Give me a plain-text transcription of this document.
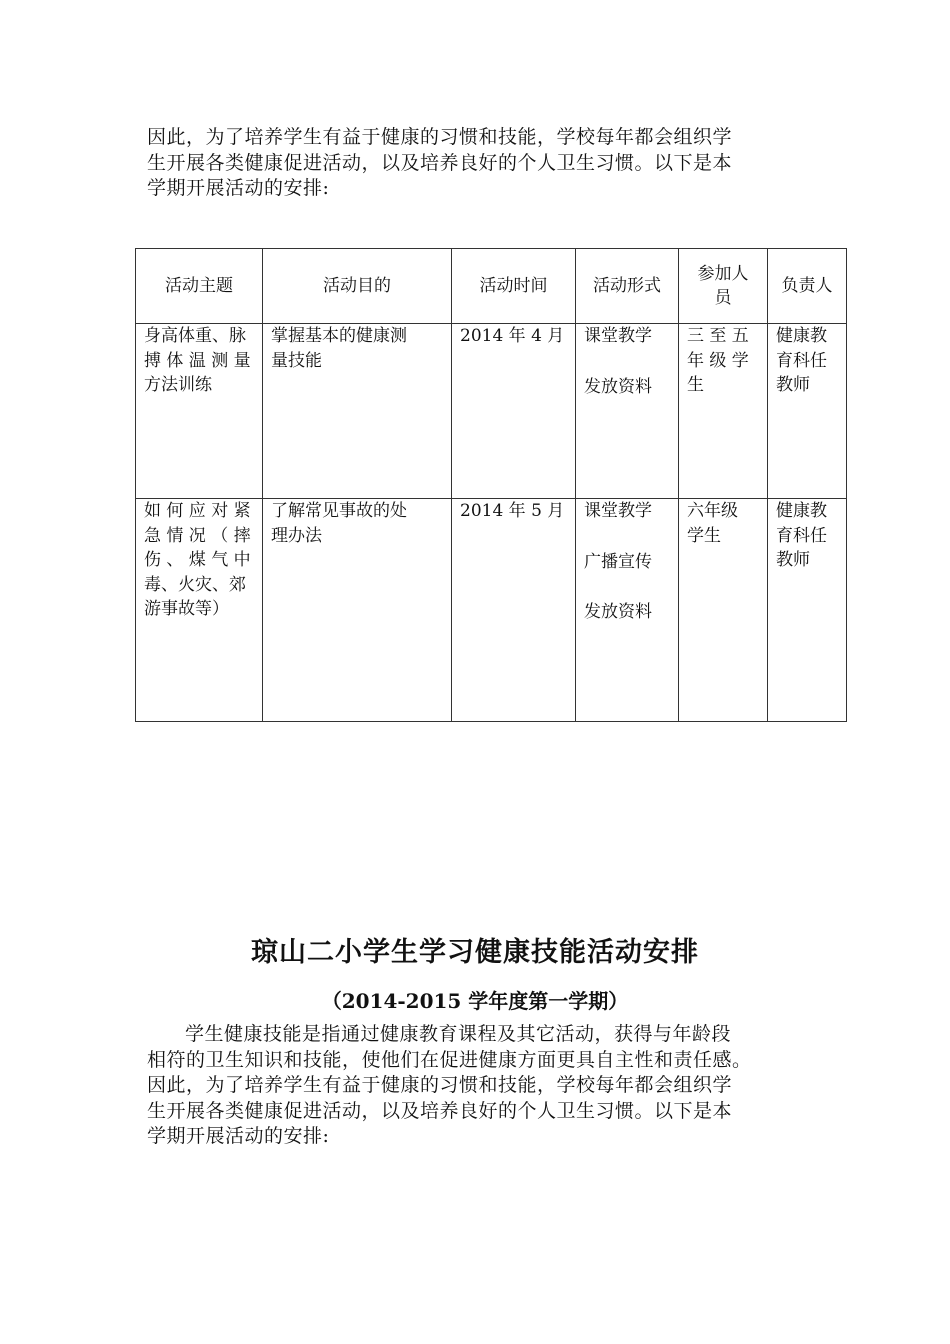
因此，为了培养学生有益于健康的习惯和技能，学校每年都会组织学

生开展各类健康促进活动，以及培养良好的个人卫生习惯。以下是本

学期开展活动的安排:

活动主题	活动目的	活动时间	活动形式	参加人
员	负责人

身高体重、脉
搏 体 温 测 量
方法训练	掌握基本的健康测
量技能	2014 年 4 月	课堂教学
发放资料	三 至 五
年 级 学
生	健康教
育科任
教师

如 何 应 对 紧
急 情 况 （ 摔
伤 、 煤 气 中
毒、火灾、郊
游事故等）	了解常见事故的处
理办法	2014 年 5 月	课堂教学
广播宣传
发放资料	六年级
学生	健康教
育科任
教师
琼山二小学生学习健康技能活动安排
（2014-2015 学年度第一学期）

学生健康技能是指通过健康教育课程及其它活动，获得与年龄段

相符的卫生知识和技能，使他们在促进健康方面更具自主性和责任感。

因此，为了培养学生有益于健康的习惯和技能，学校每年都会组织学

生开展各类健康促进活动，以及培养良好的个人卫生习惯。以下是本

学期开展活动的安排:
